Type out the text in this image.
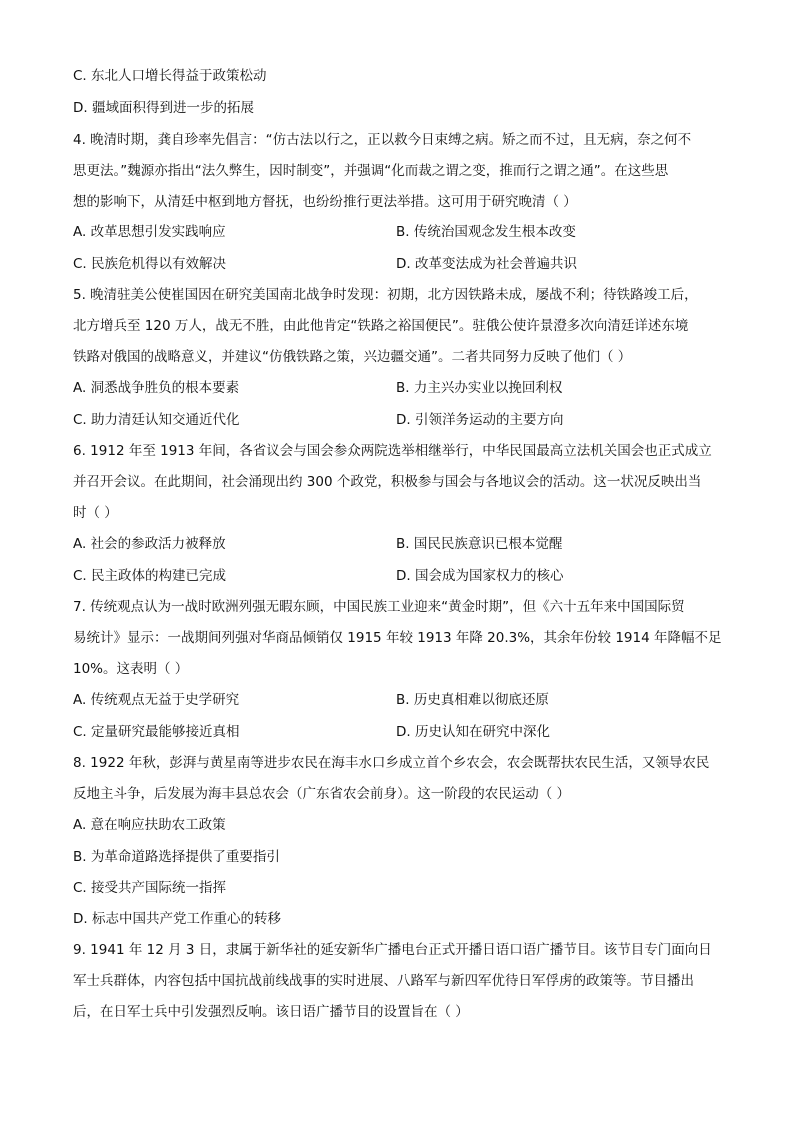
C. 东北人口增长得益于政策松动
D. 疆域面积得到进一步的拓展
4. 晚清时期，龚自珍率先倡言：“仿古法以行之，正以救今日束缚之病。矫之而不过，且无病，奈之何不
思更法。”魏源亦指出“法久弊生，因时制变”，并强调“化而裁之谓之变，推而行之谓之通”。在这些思
想的影响下，从清廷中枢到地方督抚，也纷纷推行更法举措。这可用于研究晚清（ ）
A. 改革思想引发实践响应	B. 传统治国观念发生根本改变
C. 民族危机得以有效解决	D. 改革变法成为社会普遍共识
5. 晚清驻美公使崔国因在研究美国南北战争时发现：初期，北方因铁路未成，屡战不利；待铁路竣工后，
北方增兵至 120 万人，战无不胜，由此他肯定“铁路之裕国便民”。驻俄公使许景澄多次向清廷详述东境
铁路对俄国的战略意义，并建议“仿俄铁路之策，兴边疆交通”。二者共同努力反映了他们（ ）
A. 洞悉战争胜负的根本要素	B. 力主兴办实业以挽回利权
C. 助力清廷认知交通近代化	D. 引领洋务运动的主要方向
6. 1912 年至 1913 年间，各省议会与国会参众两院选举相继举行，中华民国最高立法机关国会也正式成立
并召开会议。在此期间，社会涌现出约 300 个政党，积极参与国会与各地议会的活动。这一状况反映出当
时（ ）
A. 社会的参政活力被释放	B. 国民民族意识已根本觉醒
C. 民主政体的构建已完成	D. 国会成为国家权力的核心
7. 传统观点认为一战时欧洲列强无暇东顾，中国民族工业迎来“黄金时期”，但《六十五年来中国国际贸
易统计》显示：一战期间列强对华商品倾销仅 1915 年较 1913 年降 20.3%，其余年份较 1914 年降幅不足
10%。这表明（ ）
A. 传统观点无益于史学研究	B. 历史真相难以彻底还原
C. 定量研究最能够接近真相	D. 历史认知在研究中深化
8. 1922 年秋，彭湃与黄星南等进步农民在海丰水口乡成立首个乡农会，农会既帮扶农民生活，又领导农民
反地主斗争，后发展为海丰县总农会（广东省农会前身）。这一阶段的农民运动（ ）
A. 意在响应扶助农工政策
B. 为革命道路选择提供了重要指引
C. 接受共产国际统一指挥
D. 标志中国共产党工作重心的转移
9. 1941 年 12 月 3 日，隶属于新华社的延安新华广播电台正式开播日语口语广播节目。该节目专门面向日
军士兵群体，内容包括中国抗战前线战事的实时进展、八路军与新四军优待日军俘虏的政策等。节目播出
后，在日军士兵中引发强烈反响。该日语广播节目的设置旨在（ ）
